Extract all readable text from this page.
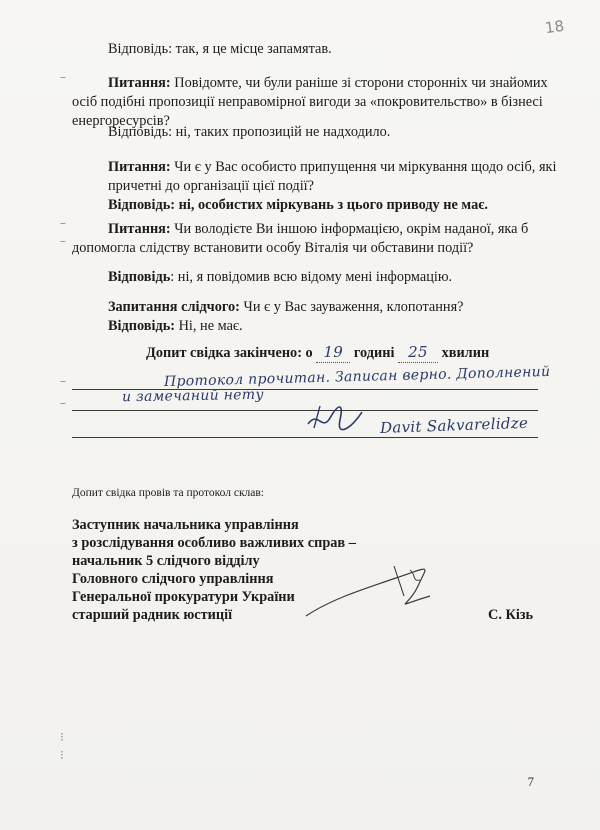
18
Відповідь: так, я це місце запамятав.
–	Питання: Повідомте, чи були раніше зі сторони сторонніх чи знайомих
осіб подібні пропозиції неправомірної вигоди за «покровительство» в бізнесі
енергоресурсів?
Відповідь: ні, таких пропозицій не надходило.
Питання: Чи є у Вас особисто припущення чи міркування щодо осіб, які
причетні до організації цієї події?
Відповідь: ні, особистих міркувань з цього приводу не має.
–	Питання: Чи володієте Ви іншою інформацією, окрім наданої, яка б
– допомогла слідству встановити особу Віталія чи обставини події?
Відповідь: ні, я повідомив всю відому мені інформацію.
Запитання слідчого: Чи є у Вас зауваження, клопотання?
Відповідь: Ні, не має.
Допит свідка закінчено: о 19 годині 25 хвилин
–	Протокол прочитан. Записан верно. Дополнений
–	и замечаний нету
Davit Sakvarelidze
Допит свідка провів та протокол склав:
Заступник начальника управління
з розслідування особливо важливих справ –
начальник 5 слідчого відділу
Головного слідчого управління
Генеральної прокуратури України
старший радник юстиції	С. Кізь
⁝
⁝
7
